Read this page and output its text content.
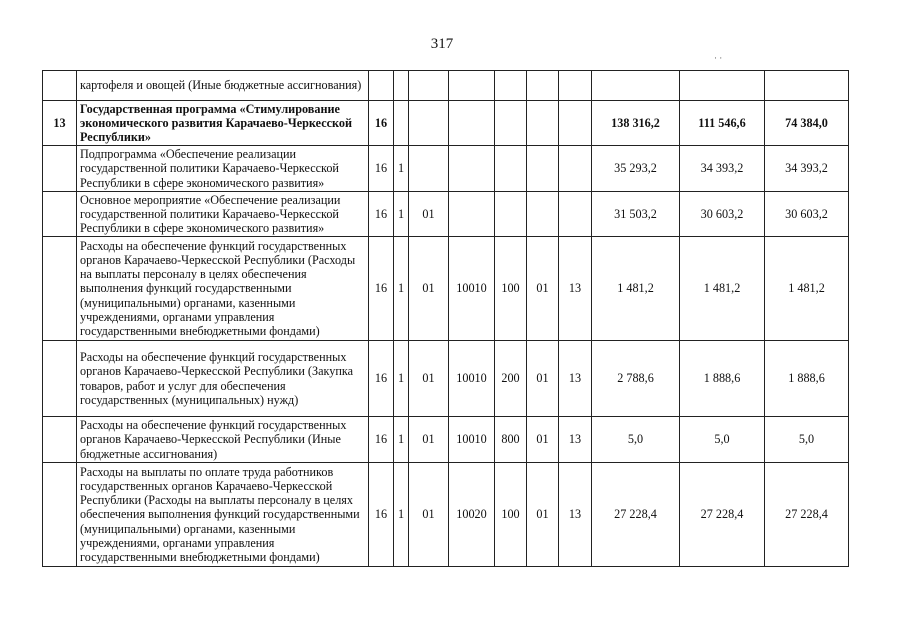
317
· ·
	картофеля и овощей (Иные бюджетные ассигнования)										
13	Государственная программа «Стимулирование экономического развития Карачаево-Черкесской Республики»	16							138 316,2	111 546,6	74 384,0
	Подпрограмма «Обеспечение реализации государственной политики Карачаево-Черкесской Республики в сфере экономического развития»	16	1						35 293,2	34 393,2	34 393,2
	Основное мероприятие «Обеспечение реализации государственной политики Карачаево-Черкесской Республики в сфере экономического развития»	16	1	01					31 503,2	30 603,2	30 603,2
	Расходы на обеспечение функций государственных органов Карачаево-Черкесской Республики (Расходы на выплаты персоналу в целях обеспечения выполнения функций государственными (муниципальными) органами, казенными учреждениями, органами управления государственными внебюджетными фондами)	16	1	01	10010	100	01	13	1 481,2	1 481,2	1 481,2
	Расходы на обеспечение функций государственных органов Карачаево-Черкесской Республики (Закупка товаров, работ и услуг для обеспечения государственных (муниципальных) нужд)	16	1	01	10010	200	01	13	2 788,6	1 888,6	1 888,6
	Расходы на обеспечение функций государственных органов Карачаево-Черкесской Республики (Иные бюджетные ассигнования)	16	1	01	10010	800	01	13	5,0	5,0	5,0
	Расходы на выплаты по оплате труда работников государственных органов Карачаево-Черкесской Республики (Расходы на выплаты персоналу в целях обеспечения выполнения функций государственными (муниципальными) органами, казенными учреждениями, органами управления государственными внебюджетными фондами)	16	1	01	10020	100	01	13	27 228,4	27 228,4	27 228,4
